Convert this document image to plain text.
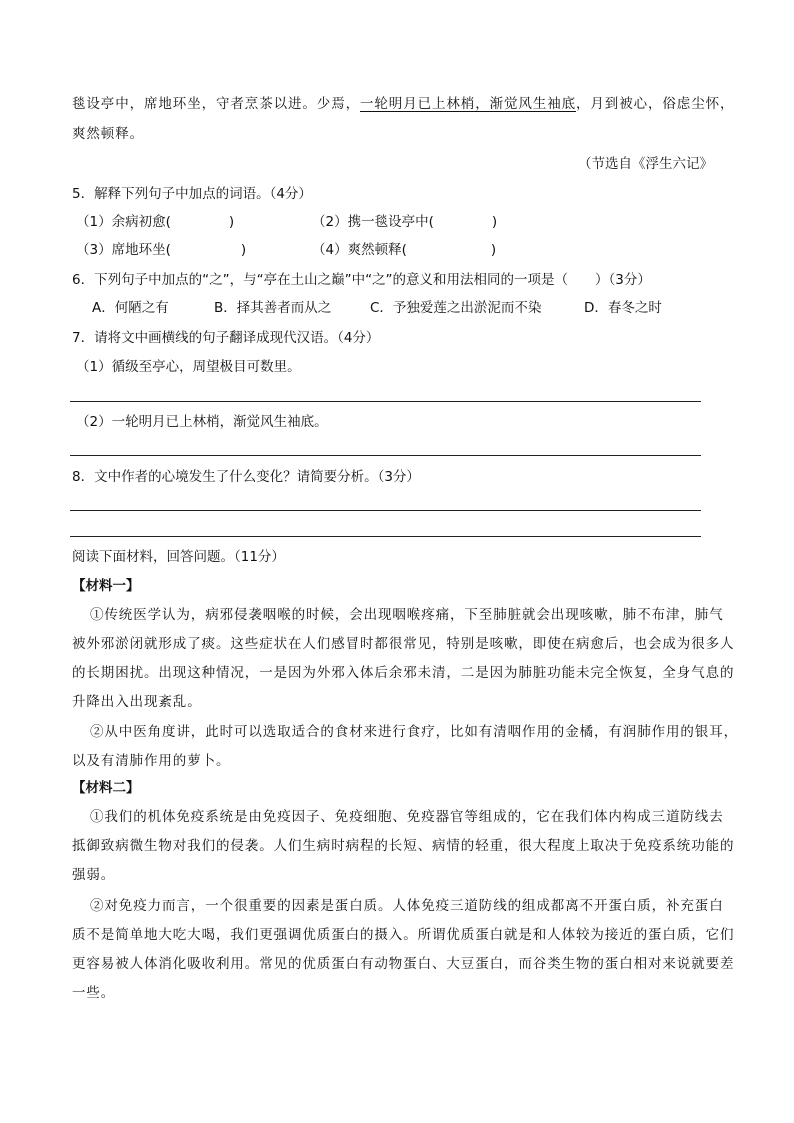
毯设亭中，席地环坐，守者烹茶以进。少焉，一轮明月已上林梢，渐觉风生袖底，月到被心，俗虑尘怀，
爽然顿释。
（节选自《浮生六记》
5．解释下列句子中加点的词语。（4分）
（1）余病初愈(	)	（2）携一毯设亭中(	)
（3）席地环坐(	)	（4）爽然顿释(	)
6．下列句子中加点的“之”，与“亭在土山之巅”中“之”的意义和用法相同的一项是（　　）（3分）
A．何陋之有	B．择其善者而从之	C．予独爱莲之出淤泥而不染	D．春冬之时
7．请将文中画横线的句子翻译成现代汉语。（4分）
（1）循级至亭心，周望极目可数里。
（2）一轮明月已上林梢，渐觉风生袖底。
8．文中作者的心境发生了什么变化？请简要分析。（3分）
阅读下面材料，回答问题。（11分）
【材料一】
①传统医学认为，病邪侵袭咽喉的时候，会出现咽喉疼痛，下至肺脏就会出现咳嗽，肺不布津，肺气
被外邪淤闭就形成了痰。这些症状在人们感冒时都很常见，特别是咳嗽，即使在病愈后，也会成为很多人
的长期困扰。出现这种情况，一是因为外邪入体后余邪未清，二是因为肺脏功能未完全恢复，全身气息的
升降出入出现紊乱。
②从中医角度讲，此时可以选取适合的食材来进行食疗，比如有清咽作用的金橘，有润肺作用的银耳，
以及有清肺作用的萝卜。
【材料二】
①我们的机体免疫系统是由免疫因子、免疫细胞、免疫器官等组成的，它在我们体内构成三道防线去
抵御致病微生物对我们的侵袭。人们生病时病程的长短、病情的轻重，很大程度上取决于免疫系统功能的
强弱。
②对免疫力而言，一个很重要的因素是蛋白质。人体免疫三道防线的组成都离不开蛋白质，补充蛋白
质不是简单地大吃大喝，我们更强调优质蛋白的摄入。所谓优质蛋白就是和人体较为接近的蛋白质，它们
更容易被人体消化吸收利用。常见的优质蛋白有动物蛋白、大豆蛋白，而谷类生物的蛋白相对来说就要差
一些。
